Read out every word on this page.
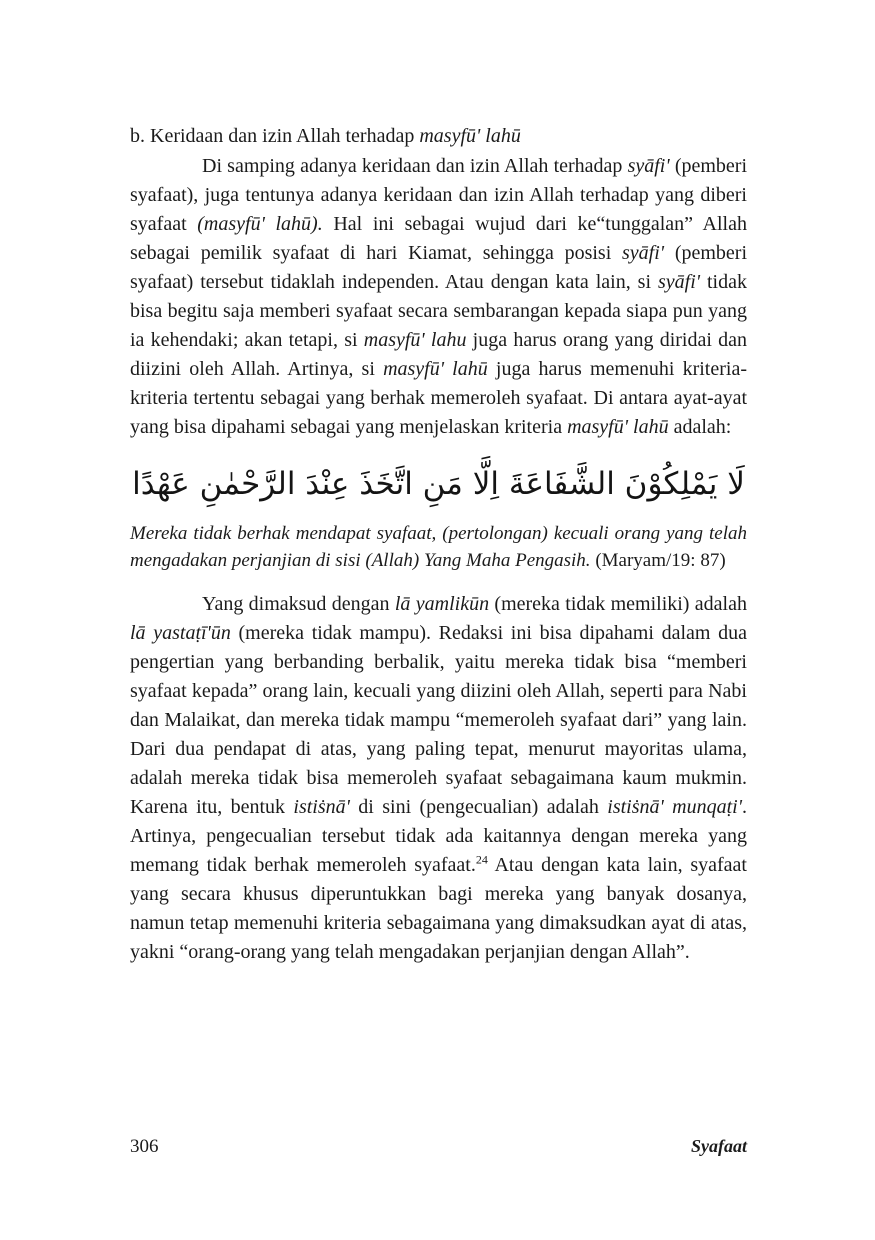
b. Keridaan dan izin Allah terhadap masyfū' lahū

Di samping adanya keridaan dan izin Allah terhadap syāfi' (pemberi syafaat), juga tentunya adanya keridaan dan izin Allah terhadap yang diberi syafaat (masyfū' lahū). Hal ini sebagai wujud dari ke“tunggalan” Allah sebagai pemilik syafaat di hari Kiamat, sehingga posisi syāfi' (pemberi syafaat) tersebut tidaklah independen. Atau dengan kata lain, si syāfi' tidak bisa begitu saja memberi syafaat secara sembarangan kepada siapa pun yang ia kehendaki; akan tetapi, si masyfū' lahu juga harus orang yang diridai dan diizini oleh Allah. Artinya, si masyfū' lahū juga harus memenuhi kriteria-kriteria tertentu sebagai yang berhak memeroleh syafaat. Di antara ayat-ayat yang bisa dipahami sebagai yang menjelaskan kriteria masyfū' lahū adalah:

لَا يَمْلِكُوْنَ الشَّفَاعَةَ اِلَّا مَنِ اتَّخَذَ عِنْدَ الرَّحْمٰنِ عَهْدًا

Mereka tidak berhak mendapat syafaat, (pertolongan) kecuali orang yang telah mengadakan perjanjian di sisi (Allah) Yang Maha Pengasih. (Maryam/19: 87)

Yang dimaksud dengan lā yamlikūn (mereka tidak memiliki) adalah lā yastaṭī'ūn (mereka tidak mampu). Redaksi ini bisa dipahami dalam dua pengertian yang berbanding berbalik, yaitu mereka tidak bisa “memberi syafaat kepada” orang lain, kecuali yang diizini oleh Allah, seperti para Nabi dan Malaikat, dan mereka tidak mampu “memeroleh syafaat dari” yang lain. Dari dua pendapat di atas, yang paling tepat, menurut mayoritas ulama, adalah mereka tidak bisa memeroleh syafaat sebagaimana kaum mukmin. Karena itu, bentuk istiṡnā' di sini (pengecualian) adalah istiṡnā' munqaṭi'. Artinya, pengecualian tersebut tidak ada kaitannya dengan mereka yang memang tidak berhak memeroleh syafaat.$^{24}$ Atau dengan kata lain, syafaat yang secara khusus diperuntukkan bagi mereka yang banyak dosanya, namun tetap memenuhi kriteria sebagaimana yang dimaksudkan ayat di atas, yakni “orang-orang yang telah mengadakan perjanjian dengan Allah”.

306	Syafaat
